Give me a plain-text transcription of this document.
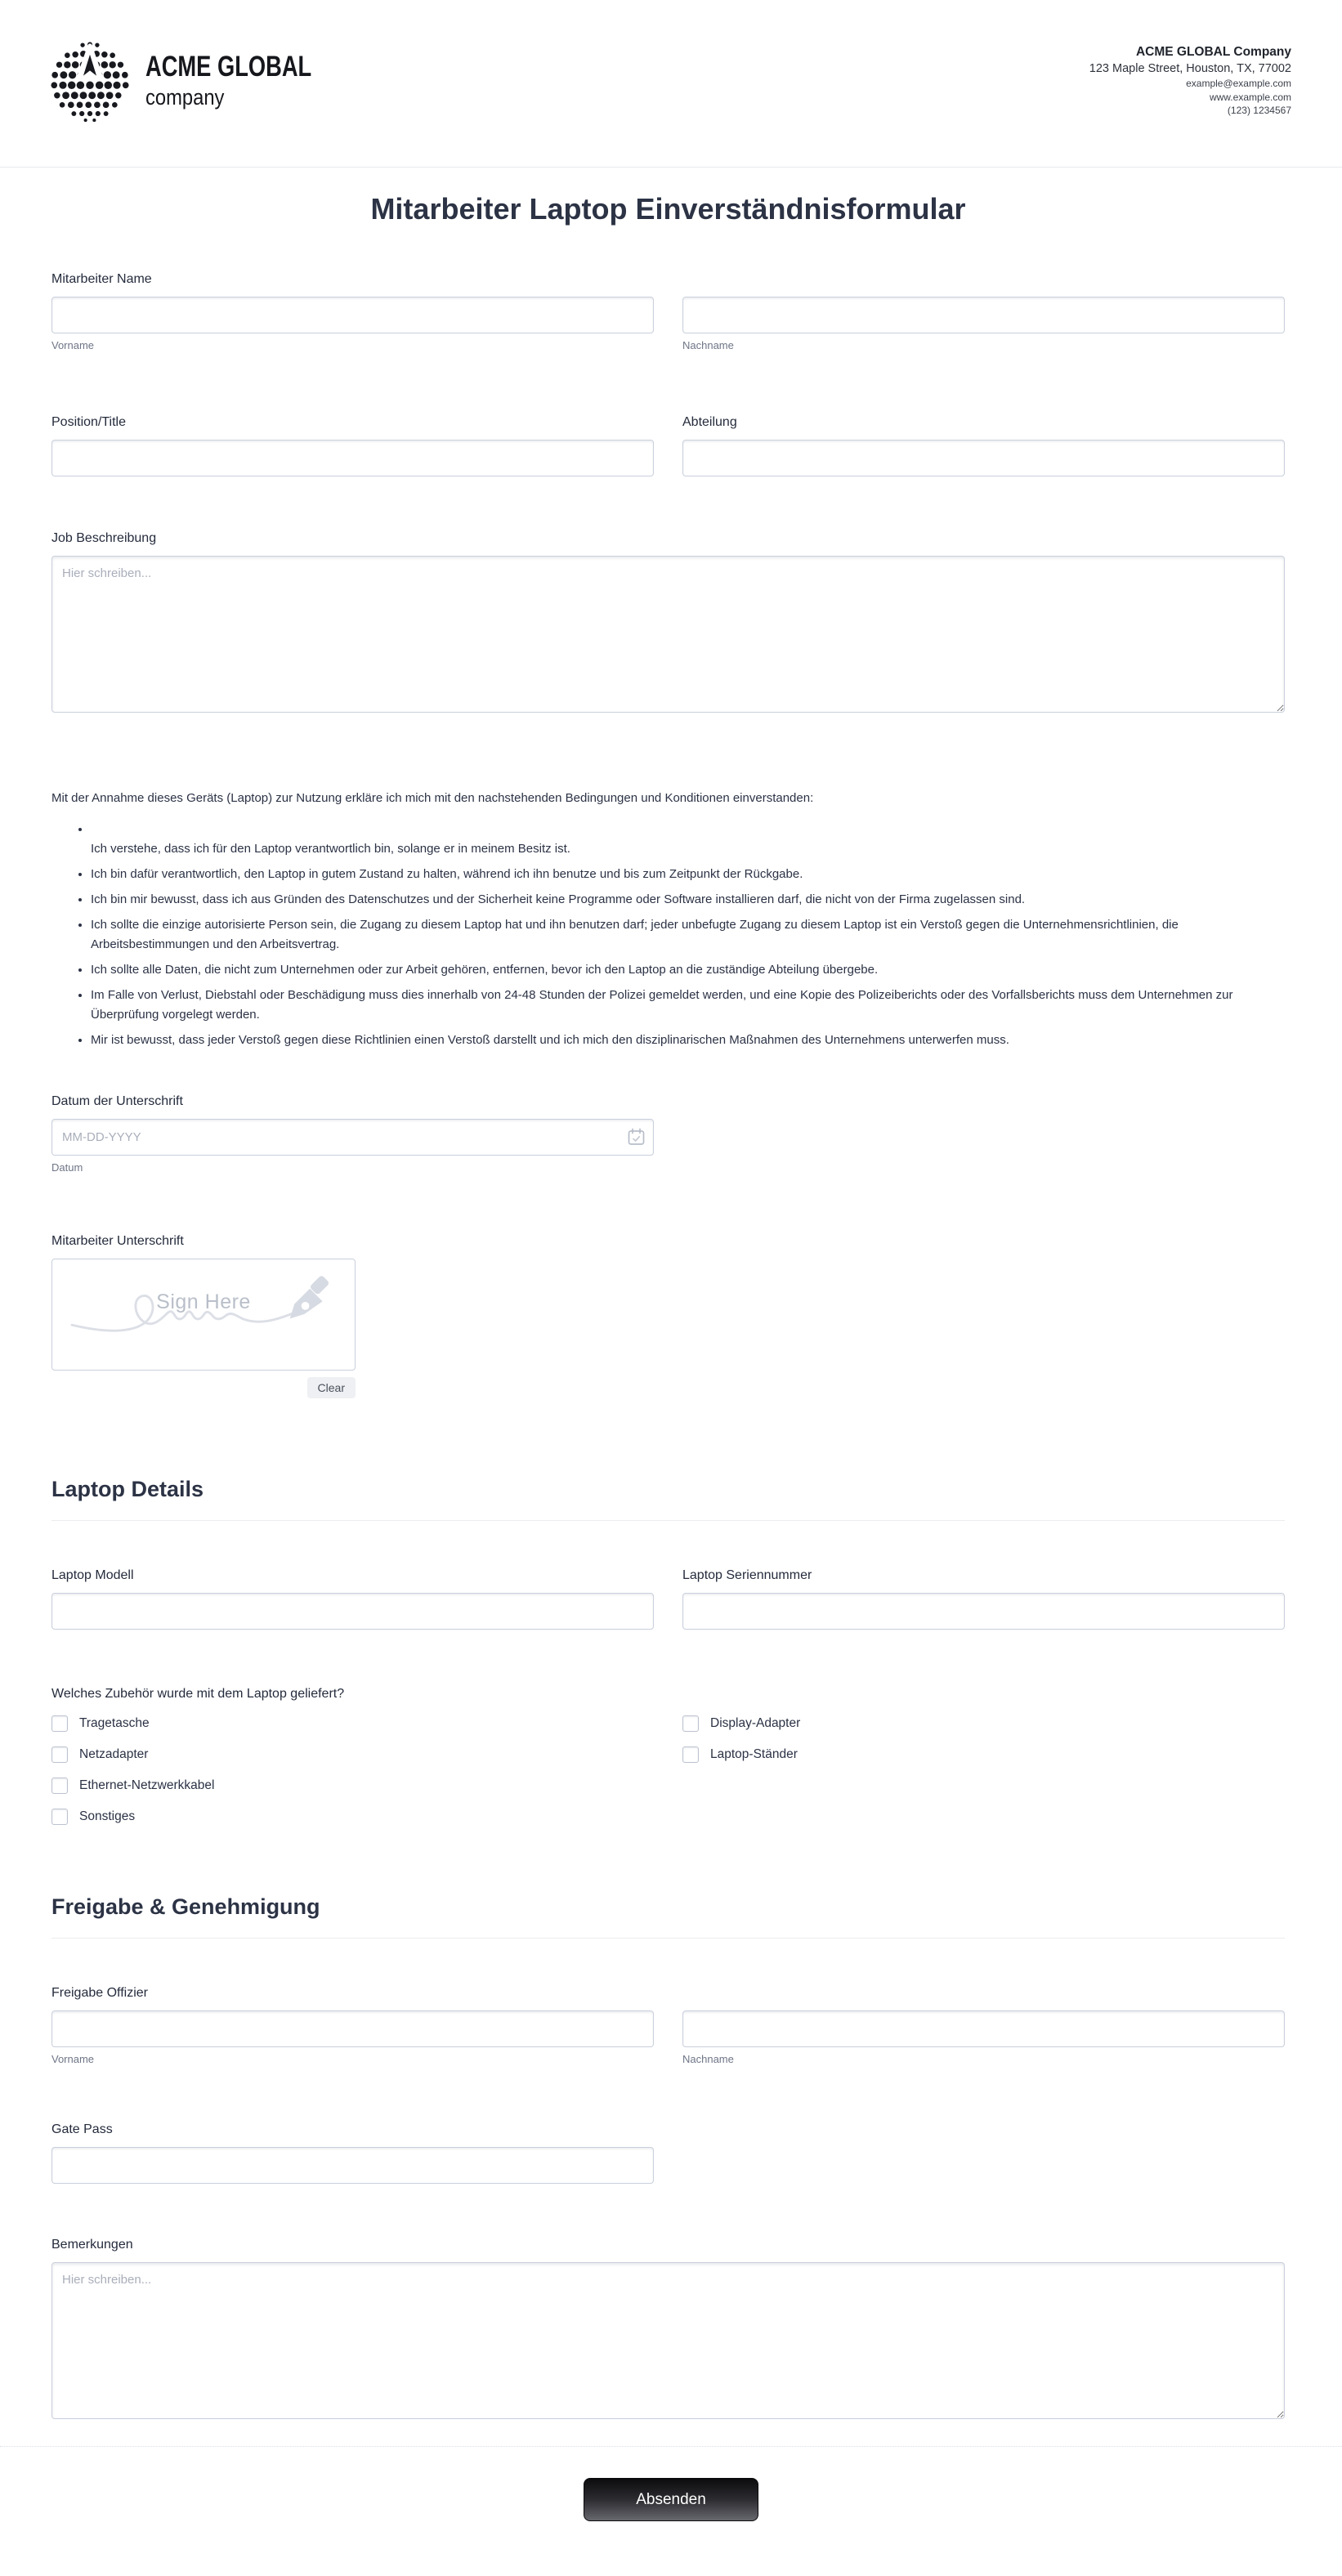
ACME GLOBAL
company
ACME GLOBAL Company
123 Maple Street, Houston, TX, 77002
example@example.com
www.example.com
(123) 1234567
Mitarbeiter Laptop Einverständnisformular
Mitarbeiter Name
Vorname	Nachname
Position/Title	Abteilung
Job Beschreibung
Hier schreiben...
Mit der Annahme dieses Geräts (Laptop) zur Nutzung erkläre ich mich mit den nachstehenden Bedingungen und Konditionen einverstanden:

• Ich verstehe, dass ich für den Laptop verantwortlich bin, solange er in meinem Besitz ist.
• Ich bin dafür verantwortlich, den Laptop in gutem Zustand zu halten, während ich ihn benutze und bis zum Zeitpunkt der Rückgabe.
• Ich bin mir bewusst, dass ich aus Gründen des Datenschutzes und der Sicherheit keine Programme oder Software installieren darf, die nicht von der Firma zugelassen sind.
• Ich sollte die einzige autorisierte Person sein, die Zugang zu diesem Laptop hat und ihn benutzen darf; jeder unbefugte Zugang zu diesem Laptop ist ein Verstoß gegen die Unternehmensrichtlinien, die Arbeitsbestimmungen und den Arbeitsvertrag.
• Ich sollte alle Daten, die nicht zum Unternehmen oder zur Arbeit gehören, entfernen, bevor ich den Laptop an die zuständige Abteilung übergebe.
• Im Falle von Verlust, Diebstahl oder Beschädigung muss dies innerhalb von 24-48 Stunden der Polizei gemeldet werden, und eine Kopie des Polizeiberichts oder des Vorfallsberichts muss dem Unternehmen zur Überprüfung vorgelegt werden.
• Mir ist bewusst, dass jeder Verstoß gegen diese Richtlinien einen Verstoß darstellt und ich mich den disziplinarischen Maßnahmen des Unternehmens unterwerfen muss.
Datum der Unterschrift
MM-DD-YYYY
Datum
Mitarbeiter Unterschrift
Sign Here
Clear
Laptop Details
Laptop Modell	Laptop Seriennummer
Welches Zubehör wurde mit dem Laptop geliefert?
Tragetasche
Netzadapter
Ethernet-Netzwerkkabel
Sonstiges
Display-Adapter
Laptop-Ständer
Freigabe & Genehmigung
Freigabe Offizier
Vorname	Nachname
Gate Pass
Bemerkungen
Hier schreiben...
Absenden
